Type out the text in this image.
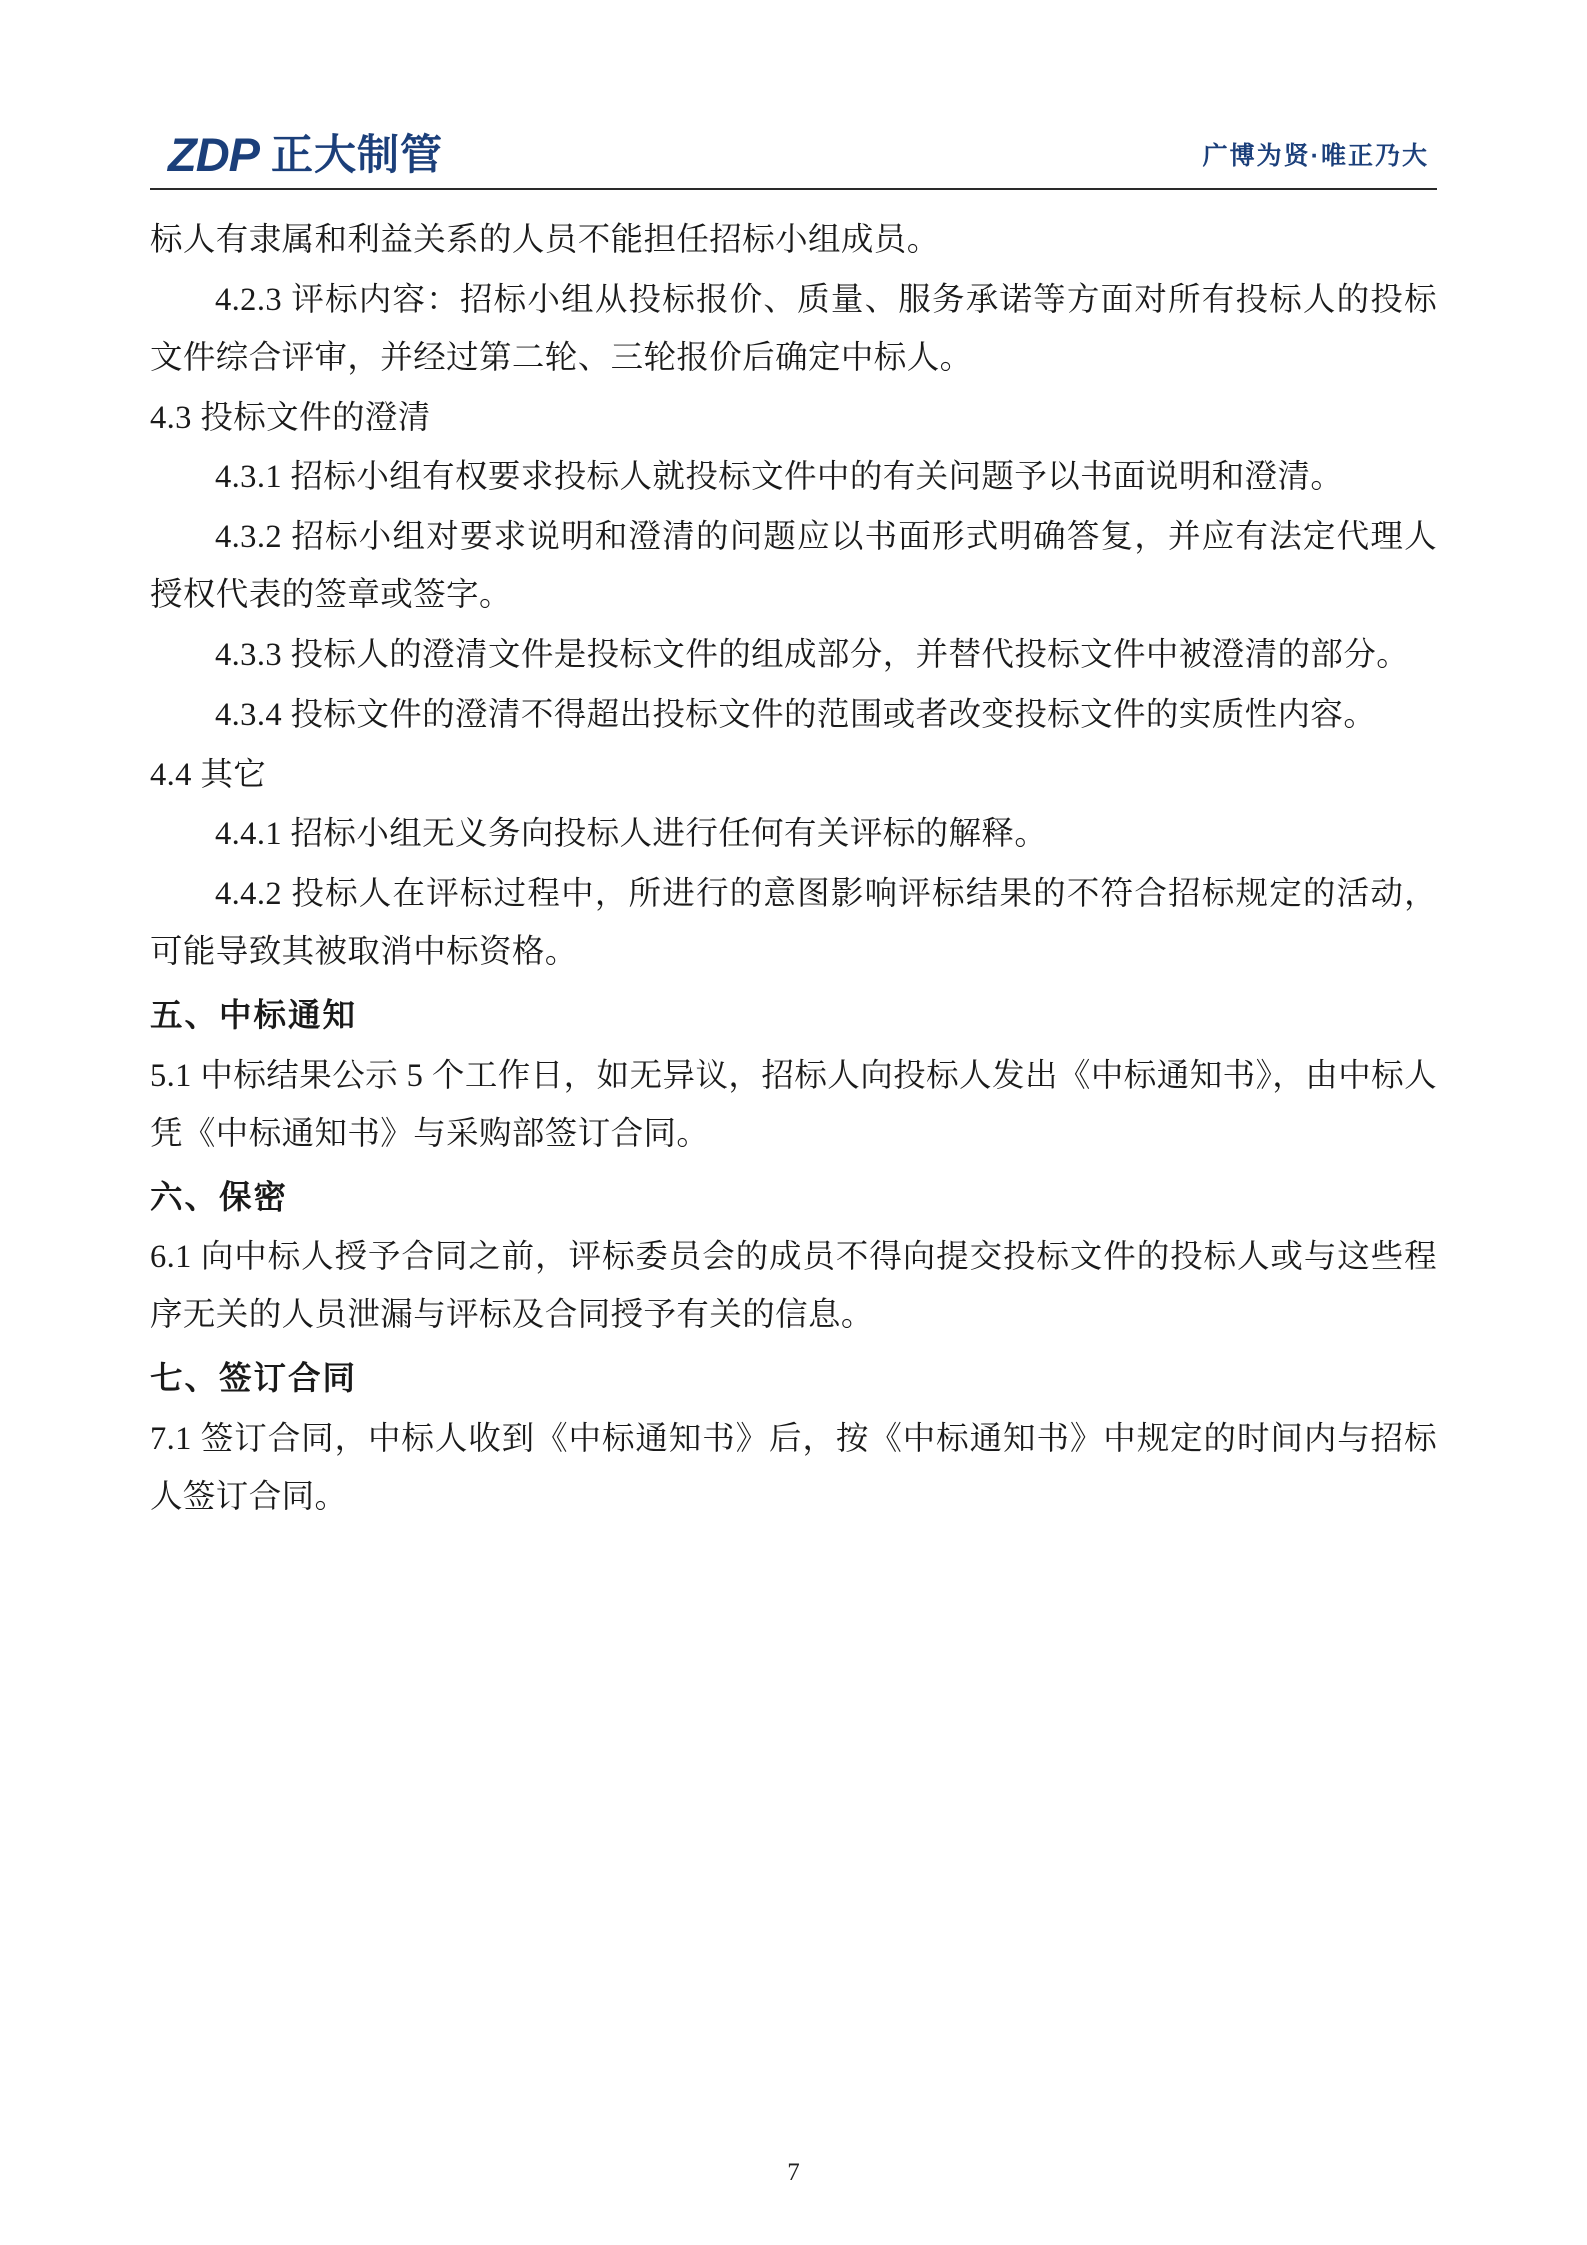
ZDP 正大制管	广博为贤·唯正乃大

标人有隶属和利益关系的人员不能担任招标小组成员。

4.2.3 评标内容：招标小组从投标报价、质量、服务承诺等方面对所有投标人的投标文件综合评审，并经过第二轮、三轮报价后确定中标人。

4.3 投标文件的澄清

4.3.1 招标小组有权要求投标人就投标文件中的有关问题予以书面说明和澄清。

4.3.2 招标小组对要求说明和澄清的问题应以书面形式明确答复，并应有法定代理人授权代表的签章或签字。

4.3.3 投标人的澄清文件是投标文件的组成部分，并替代投标文件中被澄清的部分。

4.3.4 投标文件的澄清不得超出投标文件的范围或者改变投标文件的实质性内容。

4.4 其它

4.4.1 招标小组无义务向投标人进行任何有关评标的解释。

4.4.2 投标人在评标过程中，所进行的意图影响评标结果的不符合招标规定的活动，可能导致其被取消中标资格。

五、中标通知

5.1 中标结果公示 5 个工作日，如无异议，招标人向投标人发出《中标通知书》，由中标人凭《中标通知书》与采购部签订合同。

六、保密

6.1 向中标人授予合同之前，评标委员会的成员不得向提交投标文件的投标人或与这些程序无关的人员泄漏与评标及合同授予有关的信息。

七、签订合同

7.1 签订合同，中标人收到《中标通知书》后，按《中标通知书》中规定的时间内与招标人签订合同。

7
